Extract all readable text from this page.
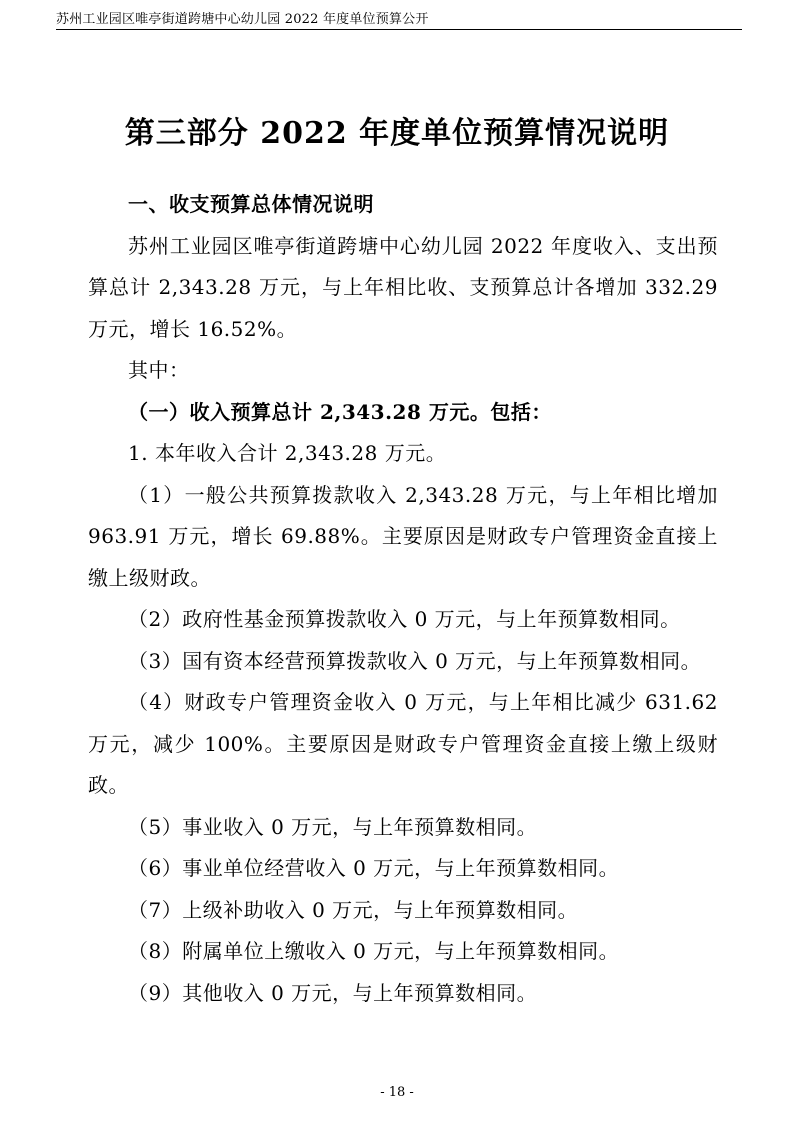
苏州工业园区唯亭街道跨塘中心幼儿园 2022 年度单位预算公开
第三部分 2022 年度单位预算情况说明

一、收支预算总体情况说明

苏州工业园区唯亭街道跨塘中心幼儿园 2022 年度收入、支出预算总计 2,343.28 万元，与上年相比收、支预算总计各增加 332.29 万元，增长 16.52%。

其中：

（一）收入预算总计 2,343.28 万元。包括：

1. 本年收入合计 2,343.28 万元。

（1）一般公共预算拨款收入 2,343.28 万元，与上年相比增加 963.91 万元，增长 69.88%。主要原因是财政专户管理资金直接上缴上级财政。

（2）政府性基金预算拨款收入 0 万元，与上年预算数相同。

（3）国有资本经营预算拨款收入 0 万元，与上年预算数相同。

（4）财政专户管理资金收入 0 万元，与上年相比减少 631.62 万元，减少 100%。主要原因是财政专户管理资金直接上缴上级财政。

（5）事业收入 0 万元，与上年预算数相同。

（6）事业单位经营收入 0 万元，与上年预算数相同。

（7）上级补助收入 0 万元，与上年预算数相同。

（8）附属单位上缴收入 0 万元，与上年预算数相同。

（9）其他收入 0 万元，与上年预算数相同。

- 18 -
